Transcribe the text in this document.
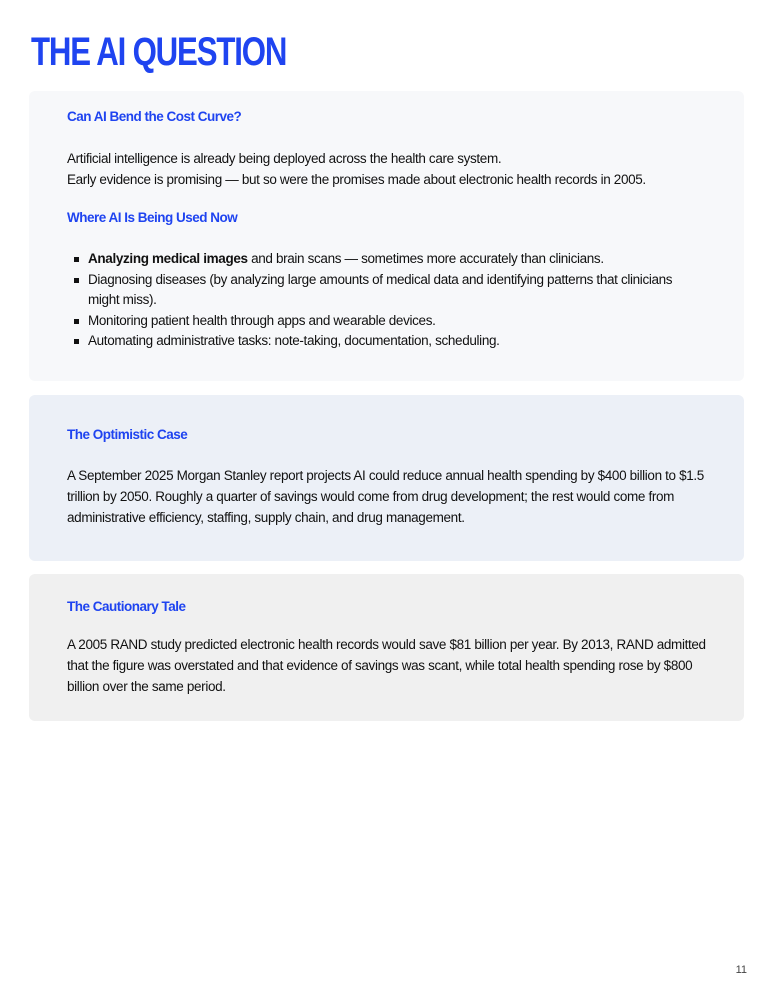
THE AI QUESTION
Can AI Bend the Cost Curve?

Artificial intelligence is already being deployed across the health care system.
Early evidence is promising — but so were the promises made about electronic health records in 2005.

Where AI Is Being Used Now
Analyzing medical images and brain scans — sometimes more accurately than clinicians.
Diagnosing diseases (by analyzing large amounts of medical data and identifying patterns that clinicians might miss).
Monitoring patient health through apps and wearable devices.
Automating administrative tasks: note-taking, documentation, scheduling.
The Optimistic Case

A September 2025 Morgan Stanley report projects AI could reduce annual health spending by $400 billion to $1.5 trillion by 2050. Roughly a quarter of savings would come from drug development; the rest would come from administrative efficiency, staffing, supply chain, and drug management.

The Cautionary Tale

A 2005 RAND study predicted electronic health records would save $81 billion per year. By 2013, RAND admitted that the figure was overstated and that evidence of savings was scant, while total health spending rose by $800 billion over the same period.

11
